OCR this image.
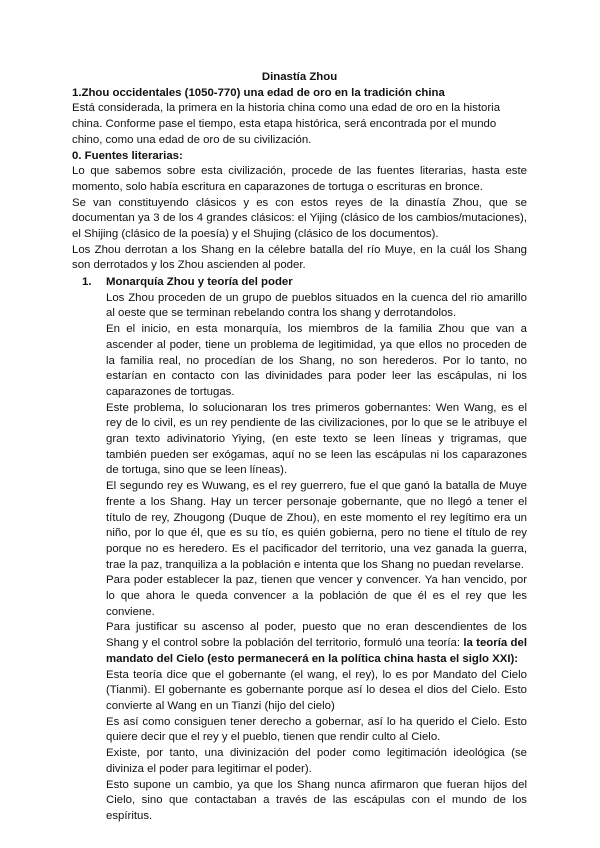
Dinastía Zhou

1.Zhou occidentales (1050-770) una edad de oro en la tradición china

Está considerada, la primera en la historia china como una edad de oro en la historia china. Conforme pase el tiempo, esta etapa histórica, será encontrada por el mundo chino, como una edad de oro de su civilización.

0. Fuentes literarias:

Lo que sabemos sobre esta civilización, procede de las fuentes literarias, hasta este momento, solo había escritura en caparazones de tortuga o escrituras en bronce.

Se van constituyendo clásicos y es con estos reyes de la dinastía Zhou, que se documentan ya 3 de los 4 grandes clásicos: el Yijing (clásico de los cambios/mutaciones), el Shijing (clásico de la poesía) y el Shujing (clásico de los documentos).

Los Zhou derrotan a los Shang en la célebre batalla del río Muye, en la cuál los Shang son derrotados y los Zhou ascienden al poder.

1.	Monarquía Zhou y teoría del poder

Los Zhou proceden de un grupo de pueblos situados en la cuenca del rio amarillo al oeste que se terminan rebelando contra los shang y derrotandolos.

En el inicio, en esta monarquía, los miembros de la familia Zhou que van a ascender al poder, tiene un problema de legitimidad, ya que ellos no proceden de la familia real, no procedían de los Shang, no son herederos. Por lo tanto, no estarían en contacto con las divinidades para poder leer las escápulas, ni los caparazones de tortugas.

Este problema, lo solucionaran los tres primeros gobernantes: Wen Wang, es el rey de lo civil, es un rey pendiente de las civilizaciones, por lo que se le atribuye el gran texto adivinatorio Yiying, (en este texto se leen líneas y trigramas, que también pueden ser exógamas, aquí no se leen las escápulas ni los caparazones de tortuga, sino que se leen líneas).

El segundo rey es Wuwang, es el rey guerrero, fue el que ganó la batalla de Muye frente a los Shang. Hay un tercer personaje gobernante, que no llegó a tener el título de rey, Zhougong (Duque de Zhou), en este momento el rey legítimo era un niño, por lo que él, que es su tío, es quién gobierna, pero no tiene el título de rey porque no es heredero. Es el pacificador del territorio, una vez ganada la guerra, trae la paz, tranquiliza a la población e intenta que los Shang no puedan revelarse.

Para poder establecer la paz, tienen que vencer y convencer. Ya han vencido, por lo que ahora le queda convencer a la población de que él es el rey que les conviene.

Para justificar su ascenso al poder, puesto que no eran descendientes de los Shang y el control sobre la población del territorio, formuló una teoría: la teoría del mandato del Cielo (esto permanecerá en la política china hasta el siglo XXI):

Esta teoría dice que el gobernante (el wang, el rey), lo es por Mandato del Cielo (Tianmi). El gobernante es gobernante porque así lo desea el dios del Cielo. Esto convierte al Wang en un Tianzi (hijo del cielo)

Es así como consiguen tener derecho a gobernar, así lo ha querido el Cielo. Esto quiere decir que el rey y el pueblo, tienen que rendir culto al Cielo.

Existe, por tanto, una divinización del poder como legitimación ideológica (se diviniza el poder para legitimar el poder).

Esto supone un cambio, ya que los Shang nunca afirmaron que fueran hijos del Cielo, sino que contactaban a través de las escápulas con el mundo de los espíritus.
